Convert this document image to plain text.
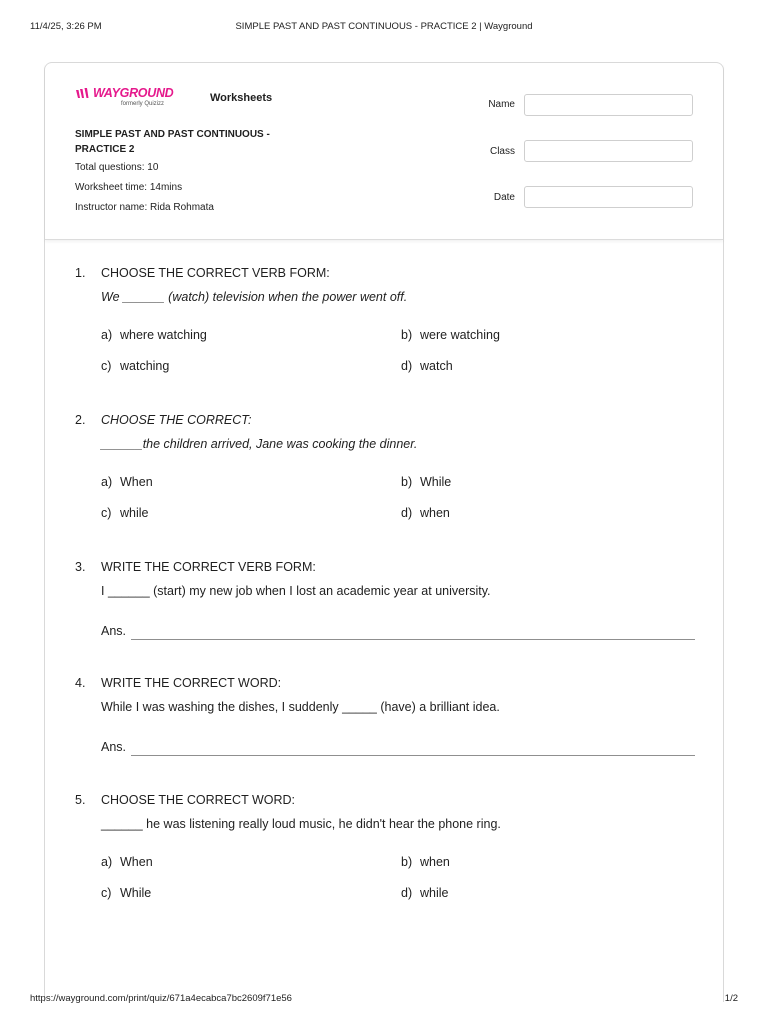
11/4/25, 3:26 PM	SIMPLE PAST AND PAST CONTINUOUS - PRACTICE 2 | Wayground
WAYGROUND
formerly Quizizz	Worksheets
SIMPLE PAST AND PAST CONTINUOUS -
PRACTICE 2
Total questions: 10
Worksheet time: 14mins
Instructor name: Rida Rohmata
Name
Class
Date
1. CHOOSE THE CORRECT VERB FORM:
We ______ (watch) television when the power went off.
a) where watching	b) were watching
c) watching	d) watch
2. CHOOSE THE CORRECT:
______the children arrived, Jane was cooking the dinner.
a) When	b) While
c) while	d) when
3. WRITE THE CORRECT VERB FORM:
I ______ (start) my new job when I lost an academic year at university.
Ans.
4. WRITE THE CORRECT WORD:
While I was washing the dishes, I suddenly _____ (have) a brilliant idea.
Ans.
5. CHOOSE THE CORRECT WORD:
______ he was listening really loud music, he didn't hear the phone ring.
a) When	b) when
c) While	d) while
https://wayground.com/print/quiz/671a4ecabca7bc2609f71e56	1/2
